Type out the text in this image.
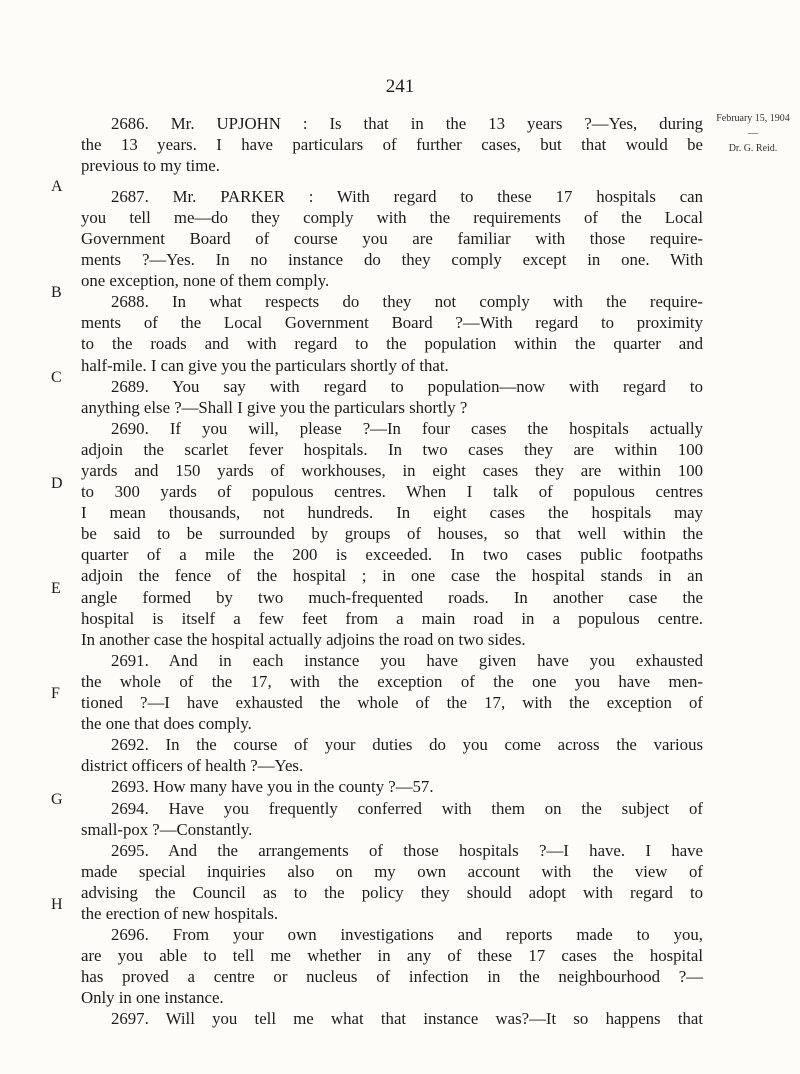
241
February 15, 1904
—
Dr. G. Reid.
A
B
C
D
E
F
G
H
2686. Mr. UPJOHN : Is that in the 13 years ?—Yes, during
the 13 years. I have particulars of further cases, but that would be
previous to my time.
2687. Mr. PARKER : With regard to these 17 hospitals can
you tell me—do they comply with the requirements of the Local
Government Board of course you are familiar with those require-
ments ?—Yes. In no instance do they comply except in one. With
one exception, none of them comply.
2688. In what respects do they not comply with the require-
ments of the Local Government Board ?—With regard to proximity
to the roads and with regard to the population within the quarter and
half-mile. I can give you the particulars shortly of that.
2689. You say with regard to population—now with regard to
anything else ?—Shall I give you the particulars shortly ?
2690. If you will, please ?—In four cases the hospitals actually
adjoin the scarlet fever hospitals. In two cases they are within 100
yards and 150 yards of workhouses, in eight cases they are within 100
to 300 yards of populous centres. When I talk of populous centres
I mean thousands, not hundreds. In eight cases the hospitals may
be said to be surrounded by groups of houses, so that well within the
quarter of a mile the 200 is exceeded. In two cases public footpaths
adjoin the fence of the hospital ; in one case the hospital stands in an
angle formed by two much-frequented roads. In another case the
hospital is itself a few feet from a main road in a populous centre.
In another case the hospital actually adjoins the road on two sides.
2691. And in each instance you have given have you exhausted
the whole of the 17, with the exception of the one you have men-
tioned ?—I have exhausted the whole of the 17, with the exception of
the one that does comply.
2692. In the course of your duties do you come across the various
district officers of health ?—Yes.
2693. How many have you in the county ?—57.
2694. Have you frequently conferred with them on the subject of
small-pox ?—Constantly.
2695. And the arrangements of those hospitals ?—I have. I have
made special inquiries also on my own account with the view of
advising the Council as to the policy they should adopt with regard to
the erection of new hospitals.
2696. From your own investigations and reports made to you,
are you able to tell me whether in any of these 17 cases the hospital
has proved a centre or nucleus of infection in the neighbourhood ?—
Only in one instance.
2697. Will you tell me what that instance was?—It so happens that
